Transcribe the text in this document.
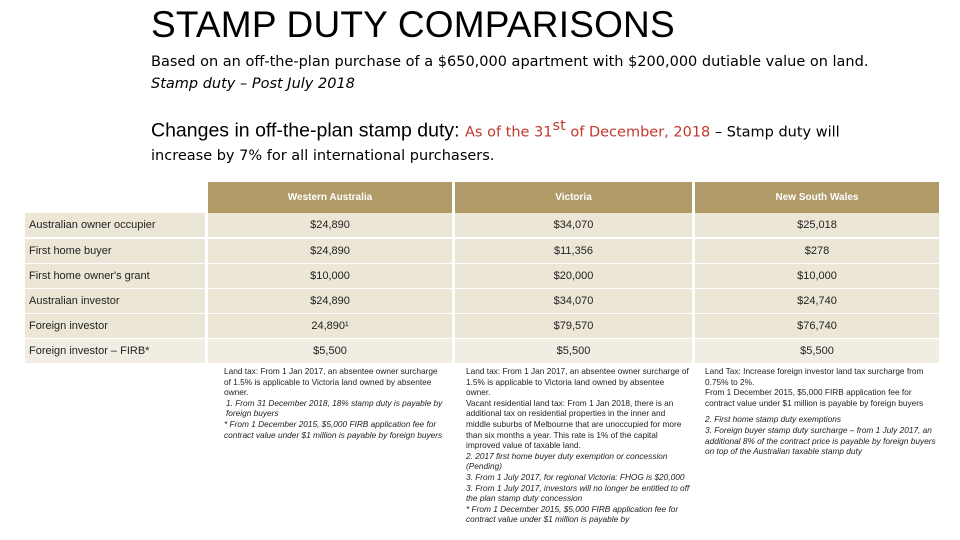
STAMP DUTY COMPARISONS
Based on an off-the-plan purchase of a $650,000 apartment with $200,000 dutiable value on land.
Stamp duty – Post July 2018
Changes in off-the-plan stamp duty: As of the 31st of December, 2018 – Stamp duty will increase by 7% for all international purchasers.
Western Australia	Victoria	New South Wales
Australian owner occupier	$24,890	$34,070	$25,018
First home buyer	$24,890	$11,356	$278
First home owner's grant	$10,000	$20,000	$10,000
Australian investor	$24,890	$34,070	$24,740
Foreign investor	24,890¹	$79,570	$76,740
Foreign investor – FIRB*	$5,500	$5,500	$5,500

Land tax: From 1 Jan 2017, an absentee owner surcharge of 1.5% is applicable to Victoria land owned by absentee owner.

1. From 31 December 2018, 18% stamp duty is payable by foreign buyers

* From 1 December 2015, $5,000 FIRB application fee for contract value under $1 million is payable by foreign buyers

Land tax: From 1 Jan 2017, an absentee owner surcharge of 1.5% is applicable to Victoria land owned by absentee owner.

Vacant residential land tax: From 1 Jan 2018, there is an additional tax on residential properties in the inner and middle suburbs of Melbourne that are unoccupied for more than six months a year. This rate is 1% of the capital improved value of taxable land.

2. 2017 first home buyer duty exemption or concession (Pending)

3. From 1 July 2017, for regional Victoria: FHOG is $20,000

3. From 1 July 2017, investors will no longer be entitled to off the plan stamp duty concession

* From 1 December 2015, $5,000 FIRB application fee for contract value under $1 million is payable by

Land Tax: Increase foreign investor land tax surcharge from 0.75% to 2%.

From 1 December 2015, $5,000 FIRB application fee for contract value under $1 million is payable by foreign buyers

2. First home stamp duty exemptions

3. Foreign buyer stamp duty surcharge – from 1 July 2017, an additional 8% of the contract price is payable by foreign buyers on top of the Australian taxable stamp duty
